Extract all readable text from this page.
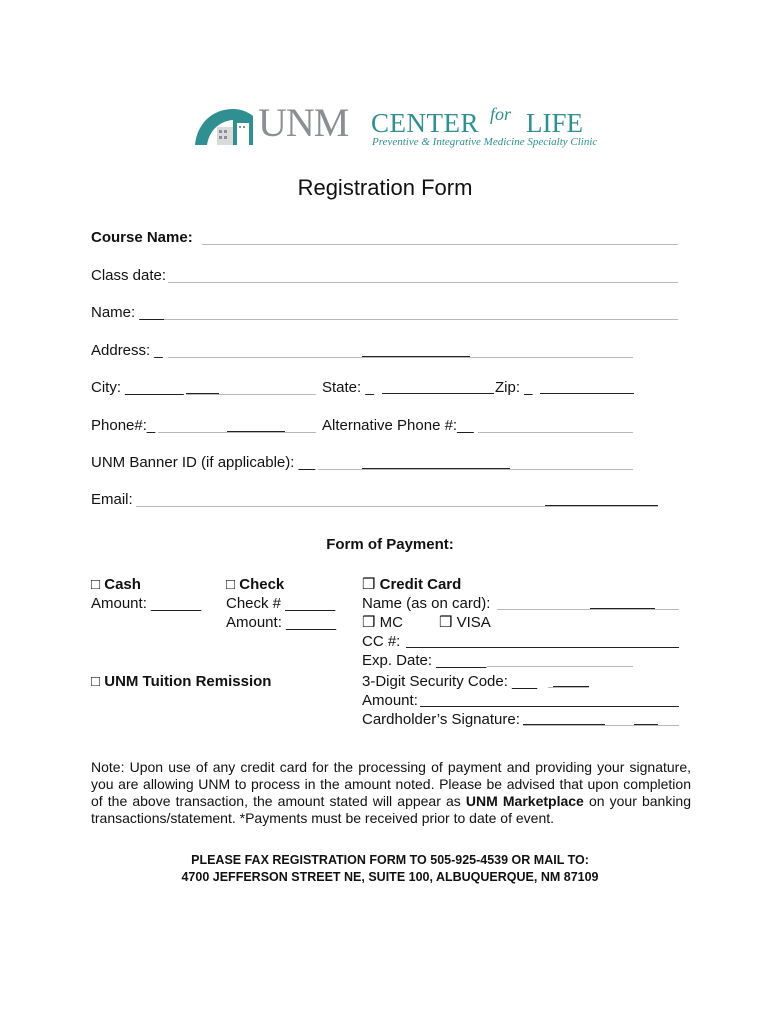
UNM CENTER for LIFE
Preventive & Integrative Medicine Specialty Clinic
Registration Form
Course Name:
Class date:
Name: ___
Address: _
City: _______	State: _	Zip: _
Phone#:_	Alternative Phone #:__
UNM Banner ID (if applicable): __
Email:
Form of Payment:
□ Cash
Amount: ______
□ Check
Check # ______
Amount: ______
□ UNM Tuition Remission
❒ Credit Card
Name (as on card):
❒ MC ❒ VISA
CC #:
Exp. Date: ______
3-Digit Security Code: ___
Amount:
Cardholder’s Signature:
Note: Upon use of any credit card for the processing of payment and providing your signature, you are allowing UNM to process in the amount noted. Please be advised that upon completion of the above transaction, the amount stated will appear as UNM Marketplace on your banking transactions/statement. *Payments must be received prior to date of event.
PLEASE FAX REGISTRATION FORM TO 505-925-4539 OR MAIL TO:
4700 JEFFERSON STREET NE, SUITE 100, ALBUQUERQUE, NM 87109
